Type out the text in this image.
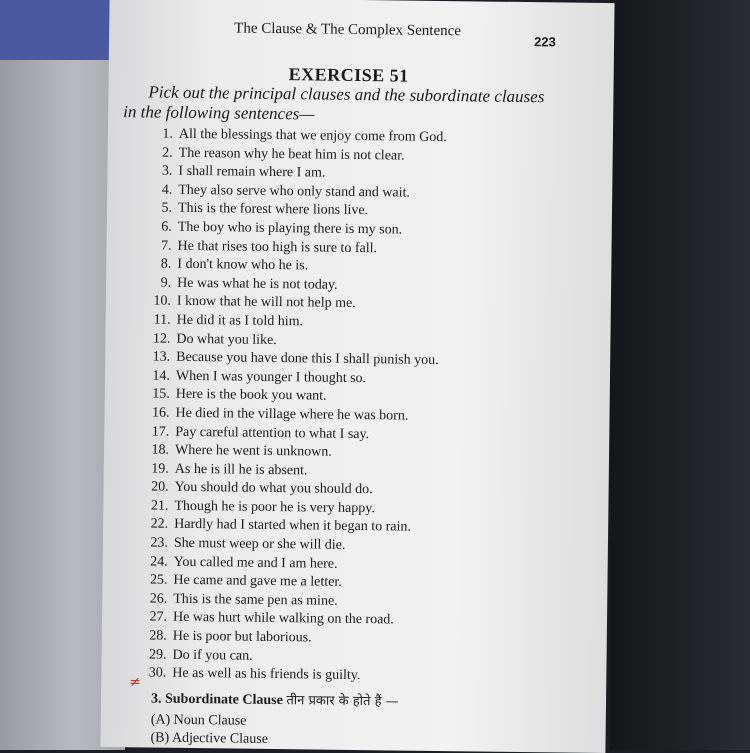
The Clause & The Complex Sentence
223
EXERCISE 51
Pick out the principal clauses and the subordinate clauses
in the following sentences—
1. All the blessings that we enjoy come from God.
2. The reason why he beat him is not clear.
3. I shall remain where I am.
4. They also serve who only stand and wait.
5. This is the forest where lions live.
6. The boy who is playing there is my son.
7. He that rises too high is sure to fall.
8. I don't know who he is.
9. He was what he is not today.
10. I know that he will not help me.
11. He did it as I told him.
12. Do what you like.
13. Because you have done this I shall punish you.
14. When I was younger I thought so.
15. Here is the book you want.
16. He died in the village where he was born.
17. Pay careful attention to what I say.
18. Where he went is unknown.
19. As he is ill he is absent.
20. You should do what you should do.
21. Though he is poor he is very happy.
22. Hardly had I started when it began to rain.
23. She must weep or she will die.
24. You called me and I am here.
25. He came and gave me a letter.
26. This is the same pen as mine.
27. He was hurt while walking on the road.
28. He is poor but laborious.
29. Do if you can.
30. He as well as his friends is guilty.
≠
3. Subordinate Clause तीन प्रकार के होते हैं —
(A) Noun Clause
(B) Adjective Clause
